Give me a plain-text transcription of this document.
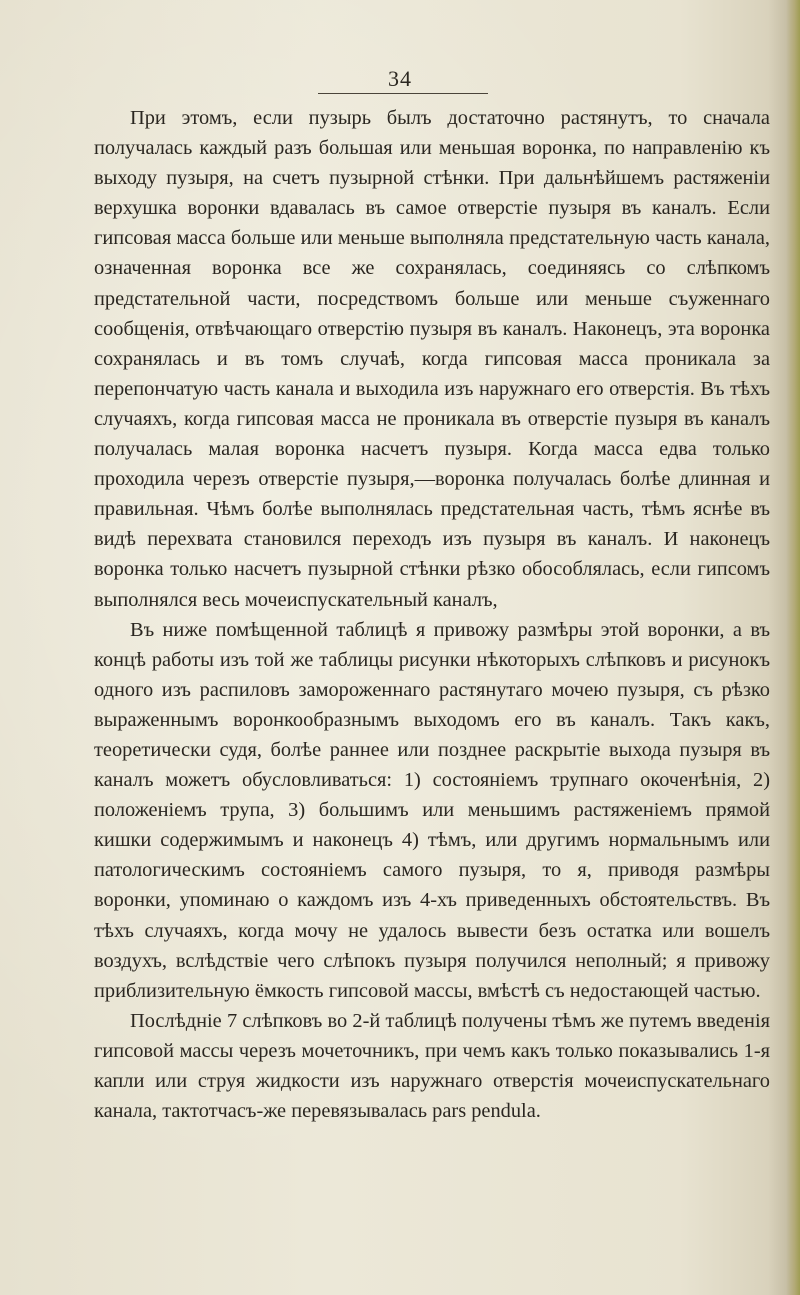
34

При этомъ, если пузырь былъ достаточно растянутъ, то сначала получалась каждый разъ большая или меньшая воронка, по направленію къ выходу пузыря, на счетъ пузырной стѣнки. При дальнѣйшемъ растяженіи верхушка воронки вдавалась въ самое отверстіе пузыря въ каналъ. Если гипсовая масса больше или меньше выполняла предстательную часть канала, означенная воронка все же сохранялась, соединяясь со слѣпкомъ предстательной части, посредствомъ больше или меньше съуженнаго сообщенія, отвѣчающаго отверстію пузыря въ каналъ. Наконецъ, эта воронка сохранялась и въ томъ случаѣ, когда гипсовая масса проникала за перепончатую часть канала и выходила изъ наружнаго его отверстія. Въ тѣхъ случаяхъ, когда гипсовая масса не проникала въ отверстіе пузыря въ каналъ получалась малая воронка насчетъ пузыря. Когда масса едва только проходила черезъ отверстіе пузыря,—воронка получалась болѣе длинная и правильная. Чѣмъ болѣе выполнялась предстательная часть, тѣмъ яснѣе въ видѣ перехвата становился переходъ изъ пузыря въ каналъ. И наконецъ воронка только насчетъ пузырной стѣнки рѣзко обособлялась, если гипсомъ выполнялся весь мочеиспускательный каналъ,

Въ ниже помѣщенной таблицѣ я привожу размѣры этой воронки, а въ концѣ работы изъ той же таблицы рисунки нѣкоторыхъ слѣпковъ и рисунокъ одного изъ распиловъ замороженнаго растянутаго мочею пузыря, съ рѣзко выраженнымъ воронкообразнымъ выходомъ его въ каналъ. Такъ какъ, теоретически судя, болѣе раннее или позднее раскрытіе выхода пузыря въ каналъ можетъ обусловливаться: 1) состояніемъ трупнаго окоченѣнія, 2) положеніемъ трупа, 3) большимъ или меньшимъ растяженіемъ прямой кишки содержимымъ и наконецъ 4) тѣмъ, или другимъ нормальнымъ или патологическимъ состояніемъ самого пузыря, то я, приводя размѣры воронки, упоминаю о каждомъ изъ 4-хъ приведенныхъ обстоятельствъ. Въ тѣхъ случаяхъ, когда мочу не удалось вывести безъ остатка или вошелъ воздухъ, вслѣдствіе чего слѣпокъ пузыря получился неполный; я привожу приблизительную ёмкость гипсовой массы, вмѣстѣ съ недостающей частью.

Послѣдніе 7 слѣпковъ во 2-й таблицѣ получены тѣмъ же путемъ введенія гипсовой массы черезъ мочеточникъ, при чемъ какъ только показывались 1-я капли или струя жидкости изъ наружнаго отверстія мочеиспускательнаго канала, тактотчасъ-же перевязывалась pars pendula.
